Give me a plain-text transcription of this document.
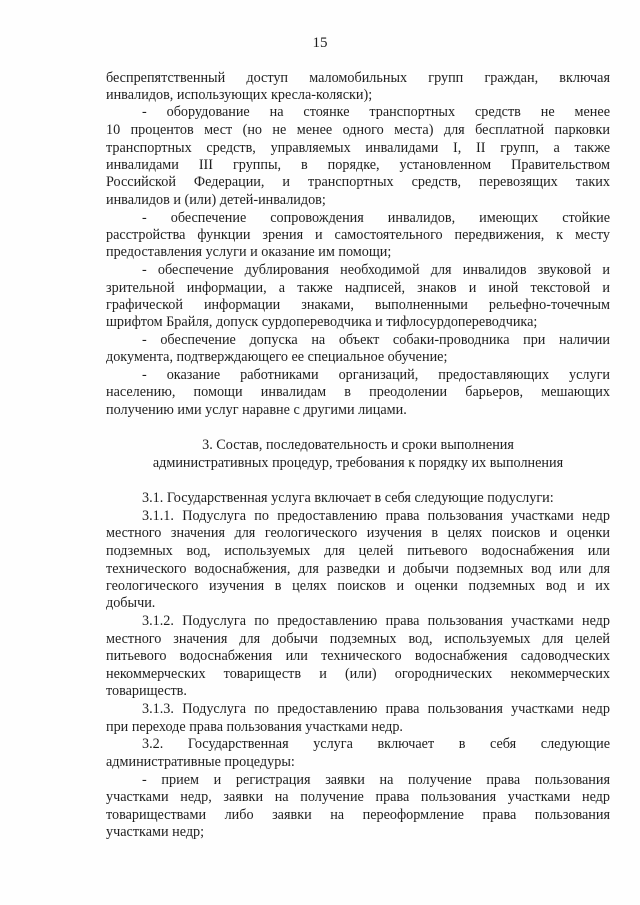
15
беспрепятственный доступ маломобильных групп граждан, включая
инвалидов, использующих кресла-коляски);
- оборудование на стоянке транспортных средств не менее
10 процентов мест (но не менее одного места) для бесплатной парковки
транспортных средств, управляемых инвалидами I, II групп, а также
инвалидами III группы, в порядке, установленном Правительством
Российской Федерации, и транспортных средств, перевозящих таких
инвалидов и (или) детей-инвалидов;
- обеспечение сопровождения инвалидов, имеющих стойкие
расстройства функции зрения и самостоятельного передвижения, к месту
предоставления услуги и оказание им помощи;
- обеспечение дублирования необходимой для инвалидов звуковой и
зрительной информации, а также надписей, знаков и иной текстовой и
графической информации знаками, выполненными рельефно-точечным
шрифтом Брайля, допуск сурдопереводчика и тифлосурдопереводчика;
- обеспечение допуска на объект собаки-проводника при наличии
документа, подтверждающего ее специальное обучение;
- оказание работниками организаций, предоставляющих услуги
населению, помощи инвалидам в преодолении барьеров, мешающих
получению ими услуг наравне с другими лицами.
3. Состав, последовательность и сроки выполнения
административных процедур, требования к порядку их выполнения
3.1. Государственная услуга включает в себя следующие подуслуги:
3.1.1. Подуслуга по предоставлению права пользования участками недр
местного значения для геологического изучения в целях поисков и оценки
подземных вод, используемых для целей питьевого водоснабжения или
технического водоснабжения, для разведки и добычи подземных вод или для
геологического изучения в целях поисков и оценки подземных вод и их
добычи.
3.1.2. Подуслуга по предоставлению права пользования участками недр
местного значения для добычи подземных вод, используемых для целей
питьевого водоснабжения или технического водоснабжения садоводческих
некоммерческих товариществ и (или) огороднических некоммерческих
товариществ.
3.1.3. Подуслуга по предоставлению права пользования участками недр
при переходе права пользования участками недр.
3.2. Государственная услуга включает в себя следующие
административные процедуры:
- прием и регистрация заявки на получение права пользования
участками недр, заявки на получение права пользования участками недр
товариществами либо заявки на переоформление права пользования
участками недр;
